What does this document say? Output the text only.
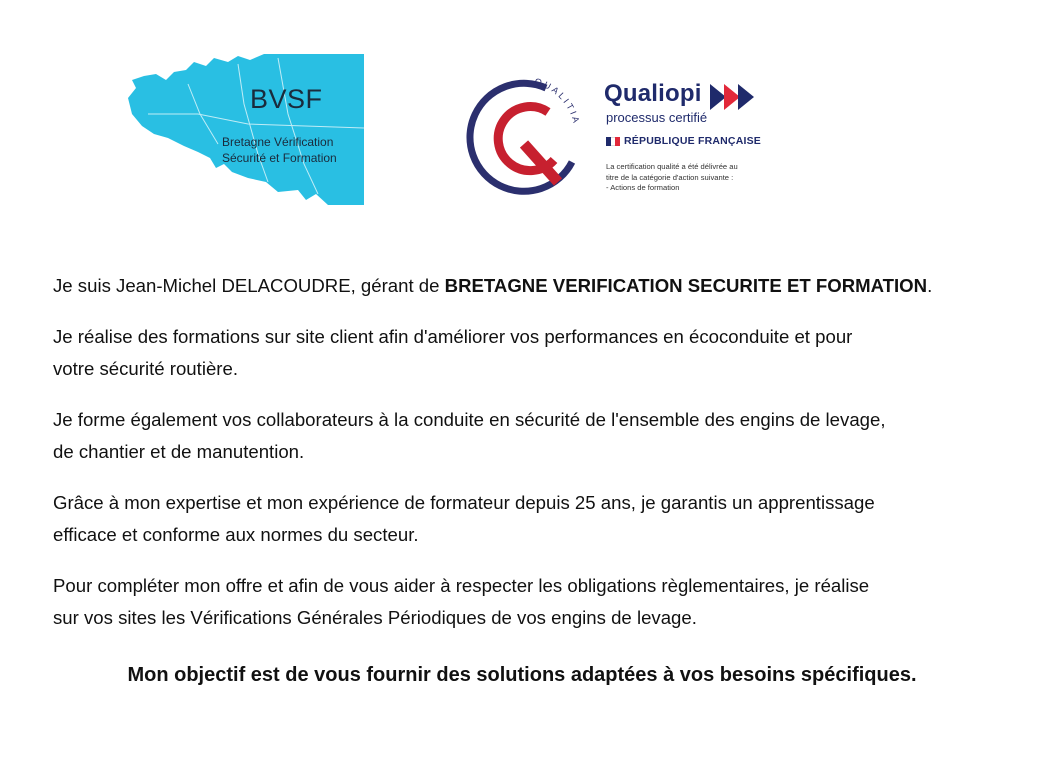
BVSF
Bretagne Vérification
Sécurité et Formation
QUALITIA
Qualiopi
processus certifié
RÉPUBLIQUE FRANÇAISE
La certification qualité a été délivrée au
titre de la catégorie d'action suivante :
- Actions de formation

Je suis Jean-Michel DELACOUDRE, gérant de BRETAGNE VERIFICATION SECURITE ET FORMATION.

Je réalise des formations sur site client afin d'améliorer vos performances en écoconduite et pour
votre sécurité routière.

Je forme également vos collaborateurs à la conduite en sécurité de l'ensemble des engins de levage,
de chantier et de manutention.

Grâce à mon expertise et mon expérience de formateur depuis 25 ans, je garantis un apprentissage
efficace et conforme aux normes du secteur.

Pour compléter mon offre et afin de vous aider à respecter les obligations règlementaires, je réalise
sur vos sites les Vérifications Générales Périodiques de vos engins de levage.

Mon objectif est de vous fournir des solutions adaptées à vos besoins spécifiques.
